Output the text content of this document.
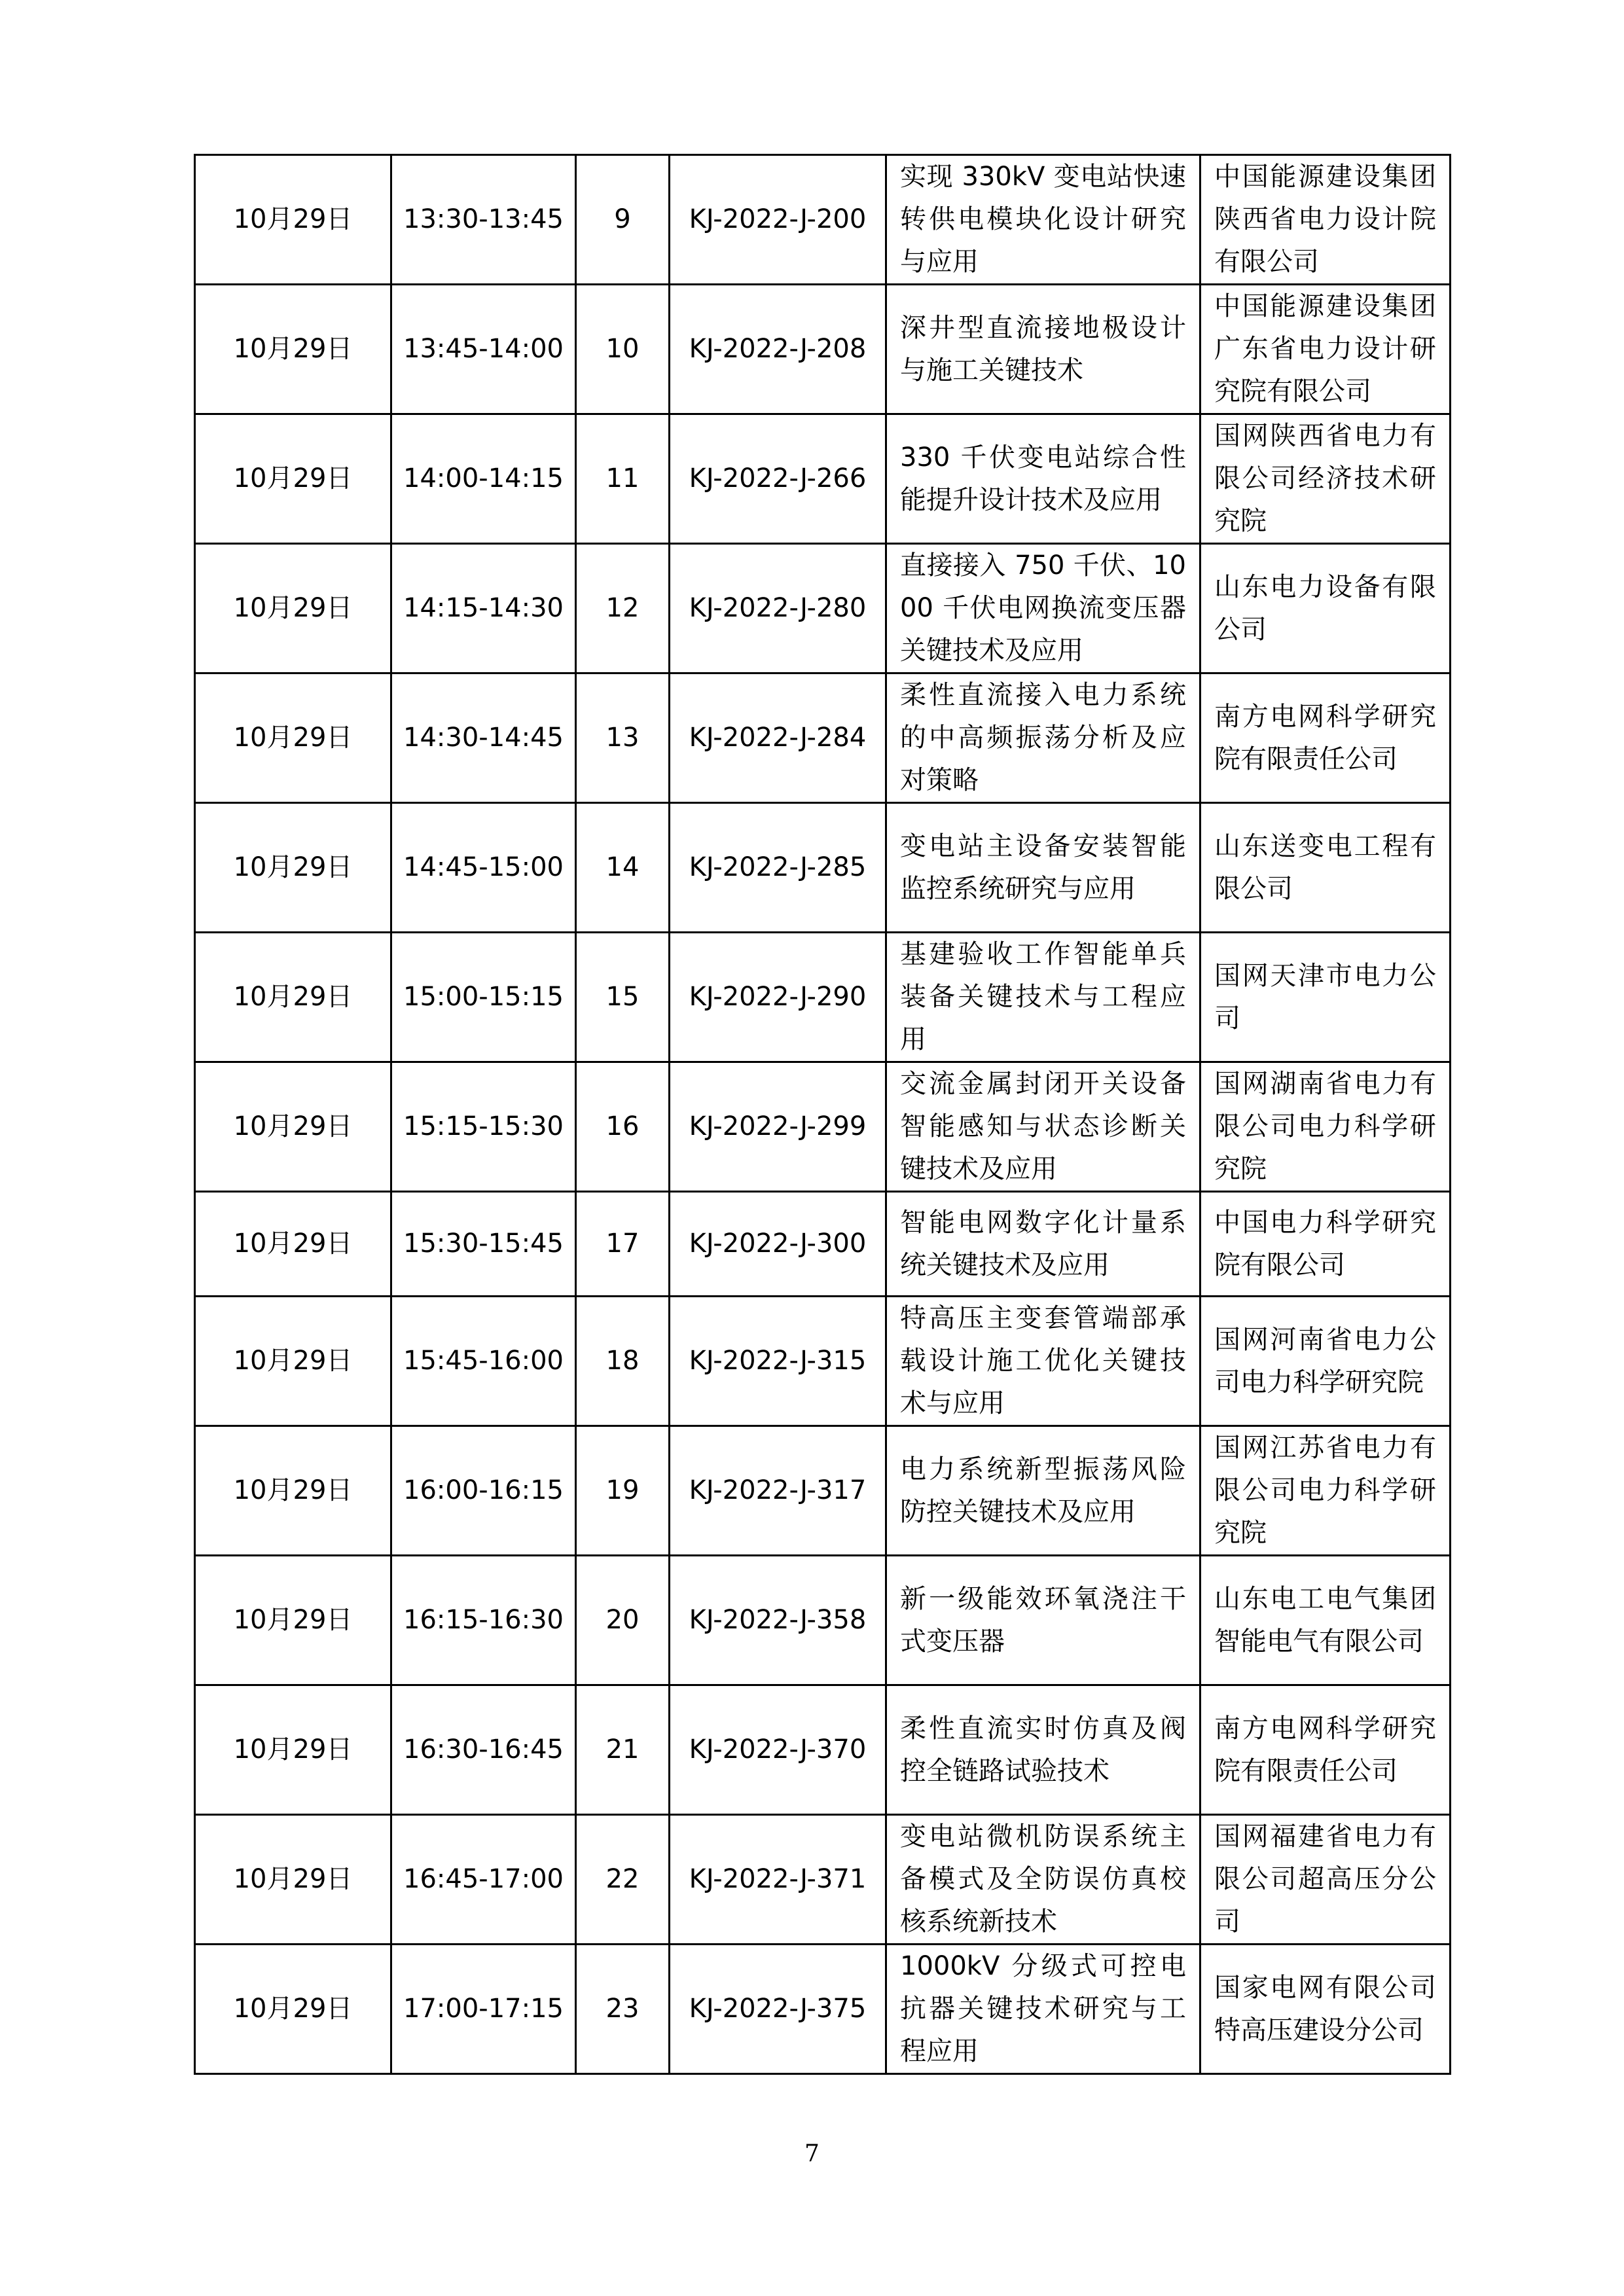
10月29日	13:30-13:45	9	KJ-2022-J-200	实现 330kV 变电站快速转供电模块化设计研究与应用	中国能源建设集团陕西省电力设计院有限公司
10月29日	13:45-14:00	10	KJ-2022-J-208	深井型直流接地极设计与施工关键技术	中国能源建设集团广东省电力设计研究院有限公司
10月29日	14:00-14:15	11	KJ-2022-J-266	330 千伏变电站综合性能提升设计技术及应用	国网陕西省电力有限公司经济技术研究院
10月29日	14:15-14:30	12	KJ-2022-J-280	直接接入 750 千伏、1000 千伏电网换流变压器关键技术及应用	山东电力设备有限公司
10月29日	14:30-14:45	13	KJ-2022-J-284	柔性直流接入电力系统的中高频振荡分析及应对策略	南方电网科学研究院有限责任公司
10月29日	14:45-15:00	14	KJ-2022-J-285	变电站主设备安装智能监控系统研究与应用	山东送变电工程有限公司
10月29日	15:00-15:15	15	KJ-2022-J-290	基建验收工作智能单兵装备关键技术与工程应用	国网天津市电力公司
10月29日	15:15-15:30	16	KJ-2022-J-299	交流金属封闭开关设备智能感知与状态诊断关键技术及应用	国网湖南省电力有限公司电力科学研究院
10月29日	15:30-15:45	17	KJ-2022-J-300	智能电网数字化计量系统关键技术及应用	中国电力科学研究院有限公司
10月29日	15:45-16:00	18	KJ-2022-J-315	特高压主变套管端部承载设计施工优化关键技术与应用	国网河南省电力公司电力科学研究院
10月29日	16:00-16:15	19	KJ-2022-J-317	电力系统新型振荡风险防控关键技术及应用	国网江苏省电力有限公司电力科学研究院
10月29日	16:15-16:30	20	KJ-2022-J-358	新一级能效环氧浇注干式变压器	山东电工电气集团智能电气有限公司
10月29日	16:30-16:45	21	KJ-2022-J-370	柔性直流实时仿真及阀控全链路试验技术	南方电网科学研究院有限责任公司
10月29日	16:45-17:00	22	KJ-2022-J-371	变电站微机防误系统主备模式及全防误仿真校核系统新技术	国网福建省电力有限公司超高压分公司
10月29日	17:00-17:15	23	KJ-2022-J-375	1000kV 分级式可控电抗器关键技术研究与工程应用	国家电网有限公司特高压建设分公司
7
